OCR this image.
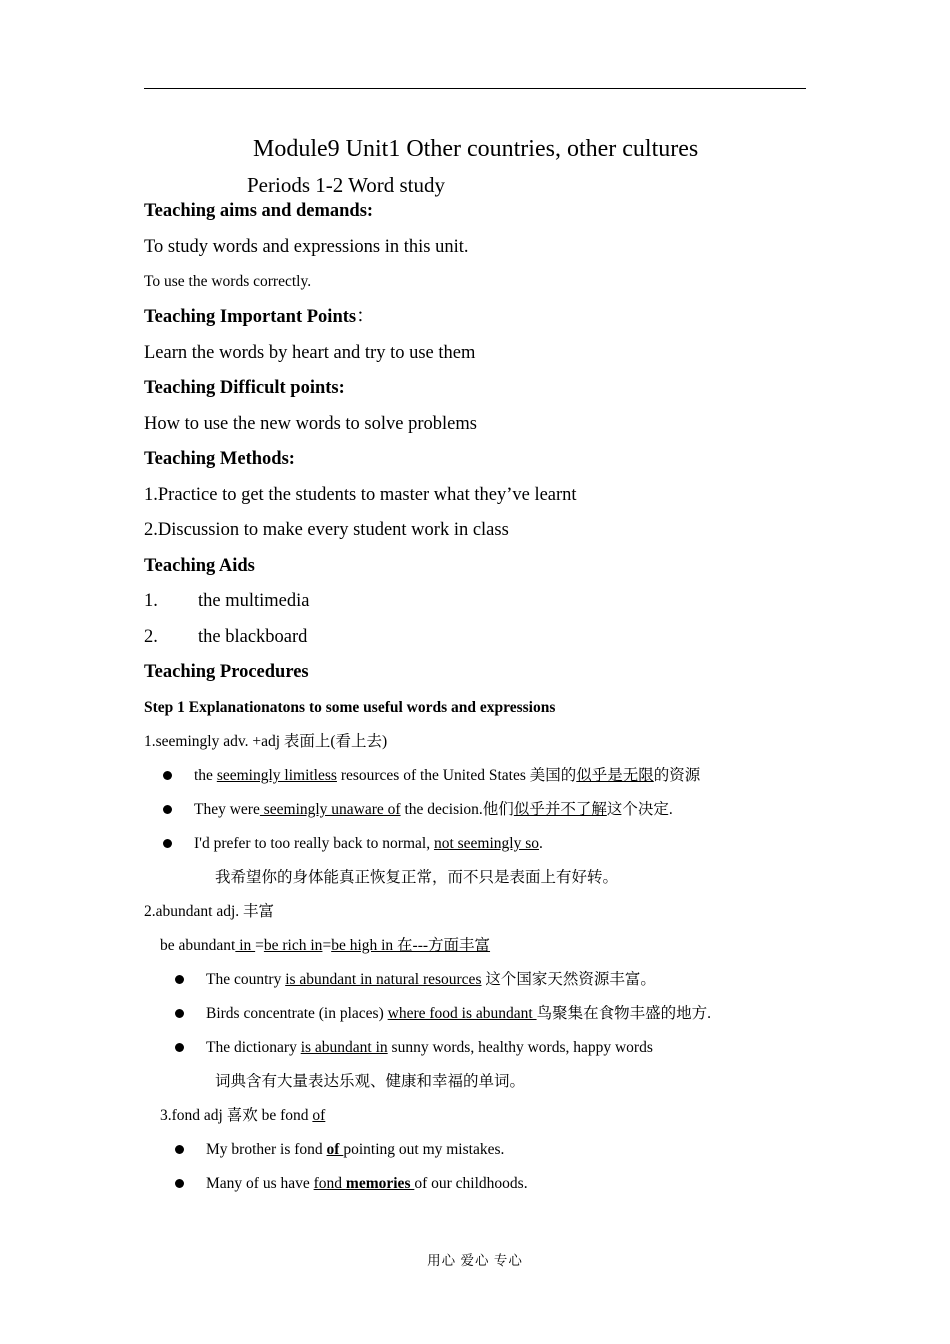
Module9 Unit1 Other countries, other cultures
Periods 1-2 Word study
Teaching aims and demands:
To study words and expressions in this unit.
To use the words correctly.
Teaching Important Points：
Learn the words by heart and try to use them
Teaching Difficult points:
How to use the new words to solve problems
Teaching Methods:
1.Practice to get the students to master what they’ve learnt
2.Discussion to make every student work in class
Teaching Aids
1. the multimedia
2. the blackboard
Teaching Procedures
Step 1 Explanationatons to some useful words and expressions
1.seemingly adv. +adj 表面上(看上去)
the seemingly limitless resources of the United States 美国的似乎是无限的资源
They were seemingly unaware of the decision.他们似乎并不了解这个决定.
I'd prefer to too really back to normal, not seemingly so.
我希望你的身体能真正恢复正常，而不只是表面上有好转。
2.abundant adj. 丰富
be abundant in =be rich in=be high in 在---方面丰富
The country is abundant in natural resources 这个国家天然资源丰富。
Birds concentrate (in places) where food is abundant 鸟聚集在食物丰盛的地方.
The dictionary is abundant in sunny words, healthy words, happy words
词典含有大量表达乐观、健康和幸福的单词。
3.fond adj 喜欢 be fond of
My brother is fond of pointing out my mistakes.
Many of us have fond memories of our childhoods.
用心 爱心 专心
